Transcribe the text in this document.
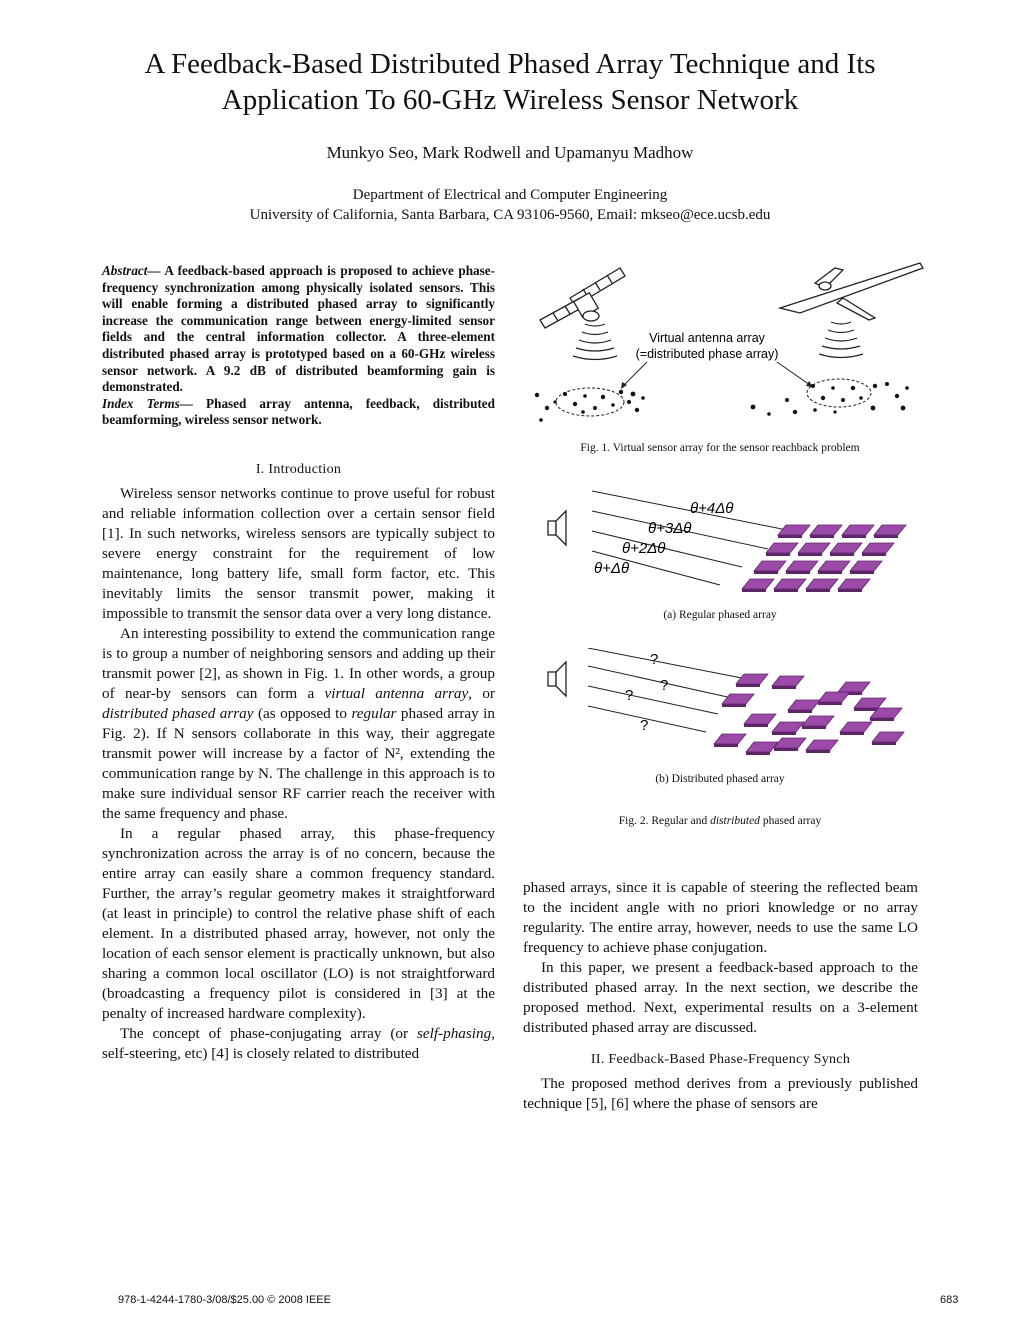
A Feedback-Based Distributed Phased Array Technique and Its
Application To 60-GHz Wireless Sensor Network
Munkyo Seo, Mark Rodwell and Upamanyu Madhow
Department of Electrical and Computer Engineering
University of California, Santa Barbara, CA 93106-9560, Email: mkseo@ece.ucsb.edu
Abstract— A feedback-based approach is proposed to achieve phase-frequency synchronization among physically isolated sensors. This will enable forming a distributed phased array to significantly increase the communication range between energy-limited sensor fields and the central information collector. A three-element distributed phased array is prototyped based on a 60-GHz wireless sensor network. A 9.2 dB of distributed beamforming gain is demonstrated.
Index Terms— Phased array antenna, feedback, distributed beamforming, wireless sensor network.

I. Introduction

Wireless sensor networks continue to prove useful for robust and reliable information collection over a certain sensor field [1]. In such networks, wireless sensors are typically subject to severe energy constraint for the requirement of low maintenance, long battery life, small form factor, etc. This inevitably limits the sensor transmit power, making it impossible to transmit the sensor data over a very long distance.

An interesting possibility to extend the communication range is to group a number of neighboring sensors and adding up their transmit power [2], as shown in Fig. 1. In other words, a group of near-by sensors can form a virtual antenna array, or distributed phased array (as opposed to regular phased array in Fig. 2). If N sensors collaborate in this way, their aggregate transmit power will increase by a factor of N², extending the communication range by N. The challenge in this approach is to make sure individual sensor RF carrier reach the receiver with the same frequency and phase.

In a regular phased array, this phase-frequency synchronization across the array is of no concern, because the entire array can easily share a common frequency standard. Further, the array’s regular geometry makes it straightforward (at least in principle) to control the relative phase shift of each element. In a distributed phased array, however, not only the location of each sensor element is practically unknown, but also sharing a common local oscillator (LO) is not straightforward (broadcasting a frequency pilot is considered in [3] at the penalty of increased hardware complexity).

The concept of phase-conjugating array (or self-phasing, self-steering, etc) [4] is closely related to distributed

phased arrays, since it is capable of steering the reflected beam to the incident angle with no priori knowledge or no array regularity. The entire array, however, needs to use the same LO frequency to achieve phase conjugation.

In this paper, we present a feedback-based approach to the distributed phased array. In the next section, we describe the proposed method. Next, experimental results on a 3-element distributed phased array are discussed.

II. Feedback-Based Phase-Frequency Synch

The proposed method derives from a previously published technique [5], [6] where the phase of sensors are

Virtual antenna array
(=distributed phase array)
Fig. 1. Virtual sensor array for the sensor reachback problem
θ+4Δθ
θ+3Δθ
θ+2Δθ
θ+Δθ
(a) Regular phased array
?
?
?
?
(b) Distributed phased array
Fig. 2. Regular and distributed phased array
978-1-4244-1780-3/08/$25.00 © 2008 IEEE	683
